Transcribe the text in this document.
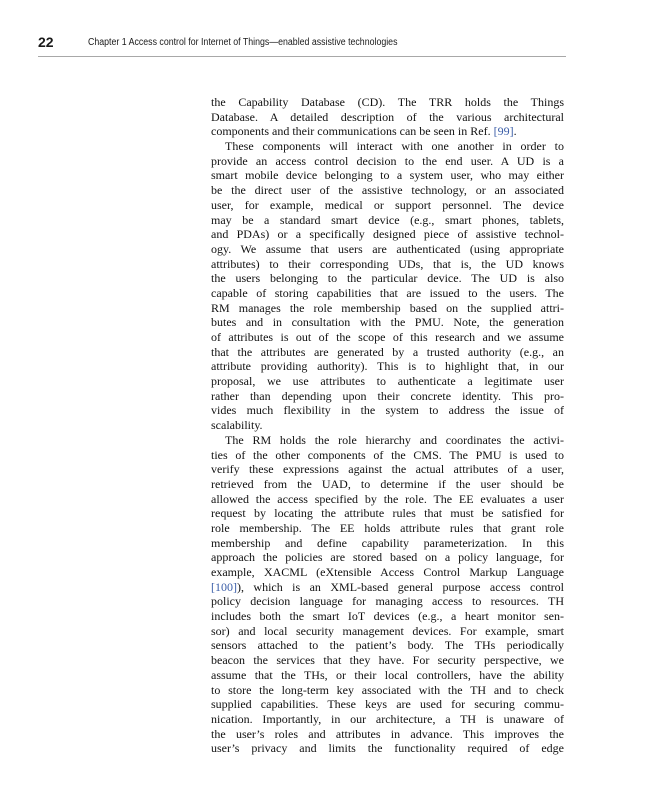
22	Chapter 1 Access control for Internet of Things—enabled assistive technologies
the Capability Database (CD). The TRR holds the Things
Database. A detailed description of the various architectural
components and their communications can be seen in Ref. [99].
These components will interact with one another in order to
provide an access control decision to the end user. A UD is a
smart mobile device belonging to a system user, who may either
be the direct user of the assistive technology, or an associated
user, for example, medical or support personnel. The device
may be a standard smart device (e.g., smart phones, tablets,
and PDAs) or a specifically designed piece of assistive technol-
ogy. We assume that users are authenticated (using appropriate
attributes) to their corresponding UDs, that is, the UD knows
the users belonging to the particular device. The UD is also
capable of storing capabilities that are issued to the users. The
RM manages the role membership based on the supplied attri-
butes and in consultation with the PMU. Note, the generation
of attributes is out of the scope of this research and we assume
that the attributes are generated by a trusted authority (e.g., an
attribute providing authority). This is to highlight that, in our
proposal, we use attributes to authenticate a legitimate user
rather than depending upon their concrete identity. This pro-
vides much flexibility in the system to address the issue of
scalability.
The RM holds the role hierarchy and coordinates the activi-
ties of the other components of the CMS. The PMU is used to
verify these expressions against the actual attributes of a user,
retrieved from the UAD, to determine if the user should be
allowed the access specified by the role. The EE evaluates a user
request by locating the attribute rules that must be satisfied for
role membership. The EE holds attribute rules that grant role
membership and define capability parameterization. In this
approach the policies are stored based on a policy language, for
example, XACML (eXtensible Access Control Markup Language
[100]), which is an XML-based general purpose access control
policy decision language for managing access to resources. TH
includes both the smart IoT devices (e.g., a heart monitor sen-
sor) and local security management devices. For example, smart
sensors attached to the patient’s body. The THs periodically
beacon the services that they have. For security perspective, we
assume that the THs, or their local controllers, have the ability
to store the long-term key associated with the TH and to check
supplied capabilities. These keys are used for securing commu-
nication. Importantly, in our architecture, a TH is unaware of
the user’s roles and attributes in advance. This improves the
user’s privacy and limits the functionality required of edge
